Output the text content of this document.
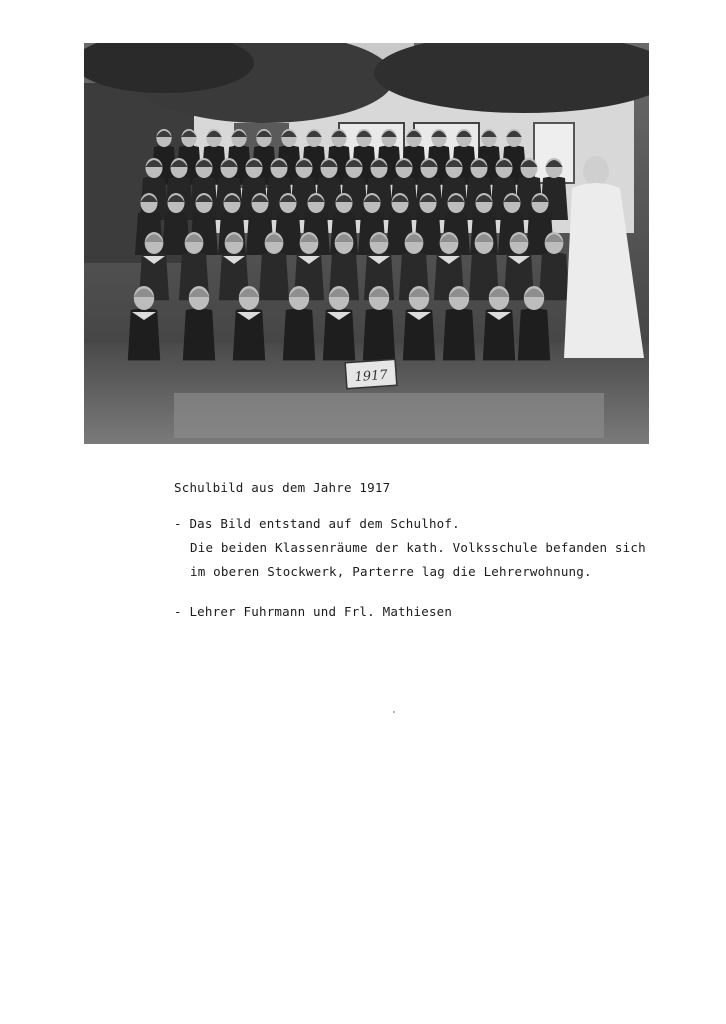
1917
Schulbild aus dem Jahre 1917
- Das Bild entstand auf dem Schulhof.
Die beiden Klassenräume der kath. Volksschule befanden sich
im oberen Stockwerk, Parterre lag die Lehrerwohnung.
- Lehrer Fuhrmann und Frl. Mathiesen
